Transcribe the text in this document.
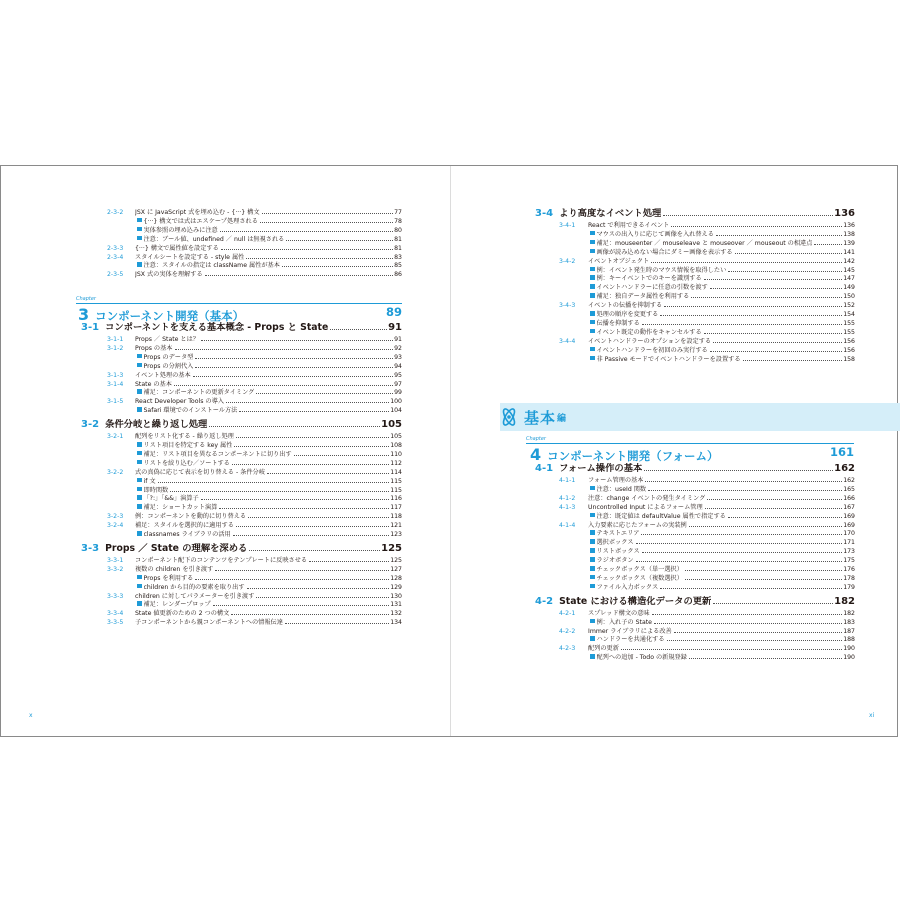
2-3-2	JSX に JavaScript 式を埋め込む - {···} 構文	77
{···} 構文では式はエスケープ処理される	78
実体参照の埋め込みに注意	80
注意：ブール値、undefined ／ null は無視される	81
2-3-3	{···} 構文で属性値を設定する	81
2-3-4	スタイルシートを設定する - style 属性	83
注意：スタイルの指定は className 属性が基本	85
2-3-5	JSX 式の実体を理解する	86
Chapter
3 コンポーネント開発（基本）	89
3-1 コンポーネントを支える基本概念 - Props と State	91
3-1-1	Props ／ State とは？	91
3-1-2	Props の基本	92
Props のデータ型	93
Props の分割代入	94
3-1-3	イベント処理の基本	95
3-1-4	State の基本	97
補足：コンポーネントの更新タイミング	99
3-1-5	React Developer Tools の導入	100
Safari 環境でのインストール方法	104
3-2 条件分岐と繰り返し処理	105
3-2-1	配列をリスト化する - 繰り返し処理	105
リスト項目を特定する key 属性	108
補足：リスト項目を異なるコンポーネントに切り出す	110
リストを絞り込む／ソートする	112
3-2-2	式の真偽に応じて表示を切り替える - 条件分岐	114
if 文	115
即時関数	115
「?:」「&&」演算子	116
補足：ショートカット演算	117
3-2-3	例：コンポーネントを動的に切り替える	118
3-2-4	補足：スタイルを選択的に適用する	121
classnames ライブラリの活用	123
3-3 Props ／ State の理解を深める	125
3-3-1	コンポーネント配下のコンテンツをテンプレートに反映させる	125
3-3-2	複数の children を引き渡す	127
Props を利用する	128
children から目的の要素を取り出す	129
3-3-3	children に対してパラメーターを引き渡す	130
補足：レンダープロップ	131
3-3-4	State 値更新のための 2 つの構文	132
3-3-5	子コンポーネントから親コンポーネントへの情報伝達	134
x
3-4 より高度なイベント処理	136
3-4-1	React で利用できるイベント	136
マウスの出入りに応じて画像を入れ替える	138
補足：mouseenter ／ mouseleave と mouseover ／ mouseout の相違点	139
画像が読み込めない場合にダミー画像を表示する	141
3-4-2	イベントオブジェクト	142
例：イベント発生時のマウス情報を取得したい	145
例：キーイベントでのキーを識別する	147
イベントハンドラーに任意の引数を渡す	149
補足：独自データ属性を利用する	150
3-4-3	イベントの伝播を抑制する	152
処理の順序を変更する	154
伝播を抑制する	155
イベント既定の動作をキャンセルする	155
3-4-4	イベントハンドラーのオプションを設定する	156
イベントハンドラーを初回のみ実行する	156
非 Passive モードでイベントハンドラーを設置する	158
基本 編
Chapter
4 コンポーネント開発（フォーム）	161
4-1 フォーム操作の基本	162
4-1-1	フォーム管理の基本	162
注意：useId 関数	165
4-1-2	注意：change イベントの発生タイミング	166
4-1-3	Uncontrolled Input によるフォーム管理	167
注意：既定値は defaultValue 属性で指定する	169
4-1-4	入力要素に応じたフォームの実装例	169
テキストエリア	170
選択ボックス	171
リストボックス	173
ラジオボタン	175
チェックボックス（単一選択）	176
チェックボックス（複数選択）	178
ファイル入力ボックス	179
4-2 State における構造化データの更新	182
4-2-1	スプレッド構文の意味	182
例：入れ子の State	183
4-2-2	Immer ライブラリによる改善	187
ハンドラーを共通化する	188
4-2-3	配列の更新	190
配列への追加 - Todo の新規登録	190
xi
